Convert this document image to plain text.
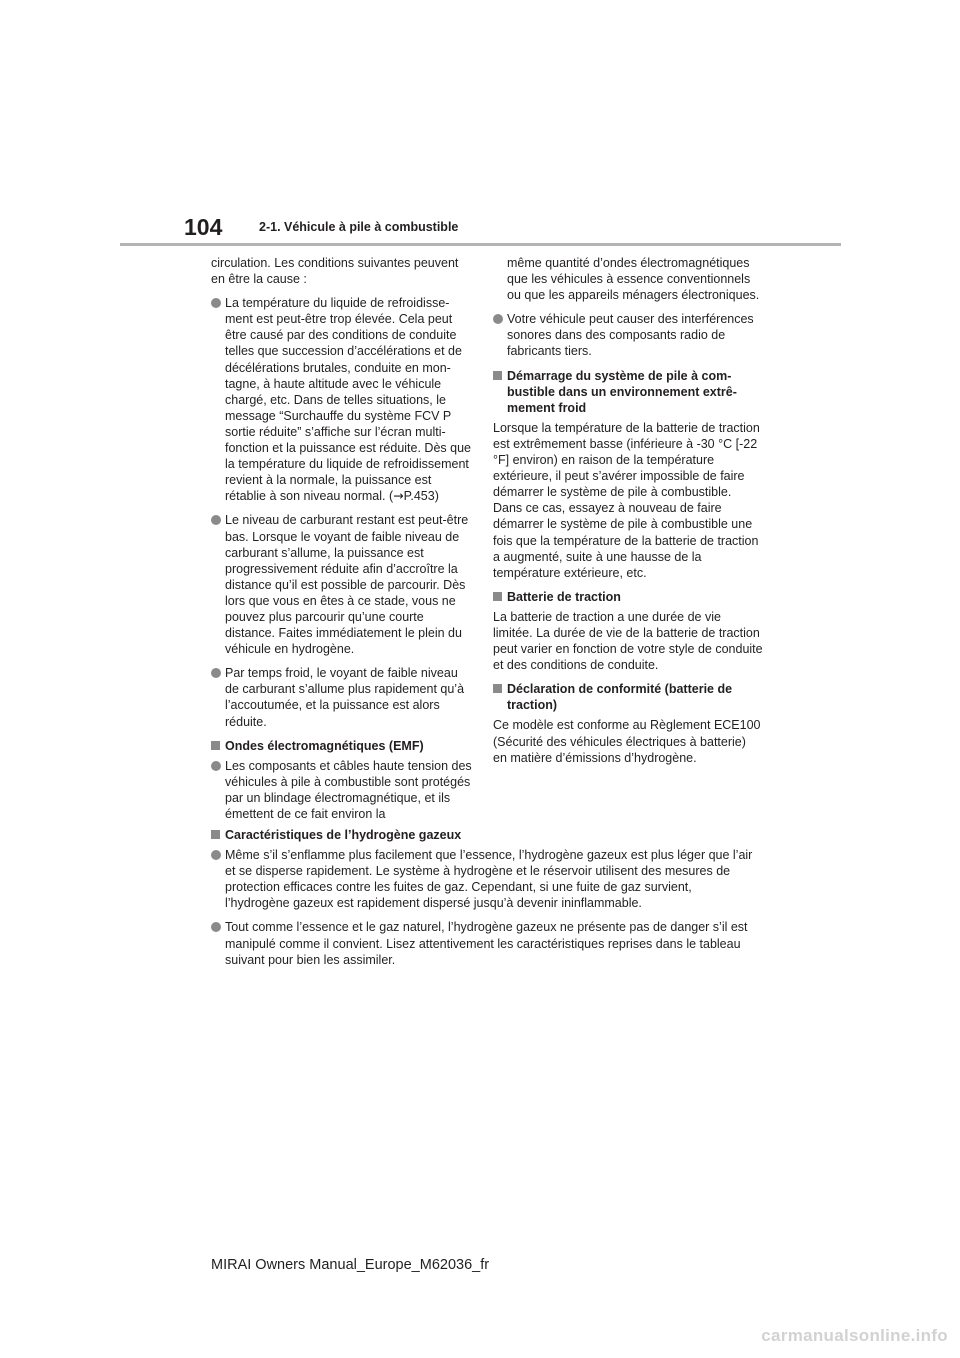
104	2-1. Véhicule à pile à combustible

circulation. Les conditions suivantes peuvent en être la cause :

La température du liquide de refroidissement est peut-être trop élevée. Cela peut être causé par des conditions de conduite telles que succession d’accélérations et de décélérations brutales, conduite en montagne, à haute altitude avec le véhicule chargé, etc. Dans de telles situations, le message “Surchauffe du système FCV P sortie réduite” s’affiche sur l’écran multifonction et la puissance est réduite. Dès que la température du liquide de refroidissement revient à la normale, la puissance est rétablie à son niveau normal. (→P.453)
Le niveau de carburant restant est peut-être bas. Lorsque le voyant de faible niveau de carburant s’allume, la puissance est progressivement réduite afin d’accroître la distance qu’il est possible de parcourir. Dès lors que vous en êtes à ce stade, vous ne pouvez plus parcourir qu’une courte distance. Faites immédiatement le plein du véhicule en hydrogène.
Par temps froid, le voyant de faible niveau de carburant s’allume plus rapidement qu’à l’accoutumée, et la puissance est alors réduite.
Ondes électromagnétiques (EMF)
Les composants et câbles haute tension des véhicules à pile à combustible sont protégés par un blindage électromagnétique, et ils émettent de ce fait environ la

même quantité d’ondes électromagnétiques que les véhicules à essence conventionnels ou que les appareils ménagers électroniques.

Votre véhicule peut causer des interférences sonores dans des composants radio de fabricants tiers.
Démarrage du système de pile à combustible dans un environnement extrêmement froid

Lorsque la température de la batterie de traction est extrêmement basse (inférieure à -30 °C [-22 °F] environ) en raison de la température extérieure, il peut s’avérer impossible de faire démarrer le système de pile à combustible. Dans ce cas, essayez à nouveau de faire démarrer le système de pile à combustible une fois que la température de la batterie de traction a augmenté, suite à une hausse de la température extérieure, etc.

Batterie de traction

La batterie de traction a une durée de vie limitée. La durée de vie de la batterie de traction peut varier en fonction de votre style de conduite et des conditions de conduite.

Déclaration de conformité (batterie de traction)

Ce modèle est conforme au Règlement ECE100 (Sécurité des véhicules électriques à batterie) en matière d’émissions d’hydrogène.

Caractéristiques de l’hydrogène gazeux
Même s’il s’enflamme plus facilement que l’essence, l’hydrogène gazeux est plus léger que l’air et se disperse rapidement. Le système à hydrogène et le réservoir utilisent des mesures de protection efficaces contre les fuites de gaz. Cependant, si une fuite de gaz survient, l’hydrogène gazeux est rapidement dispersé jusqu’à devenir ininflammable.
Tout comme l’essence et le gaz naturel, l’hydrogène gazeux ne présente pas de danger s’il est manipulé comme il convient. Lisez attentivement les caractéristiques reprises dans le tableau suivant pour bien les assimiler.
MIRAI Owners Manual_Europe_M62036_fr
carmanualsonline.info
